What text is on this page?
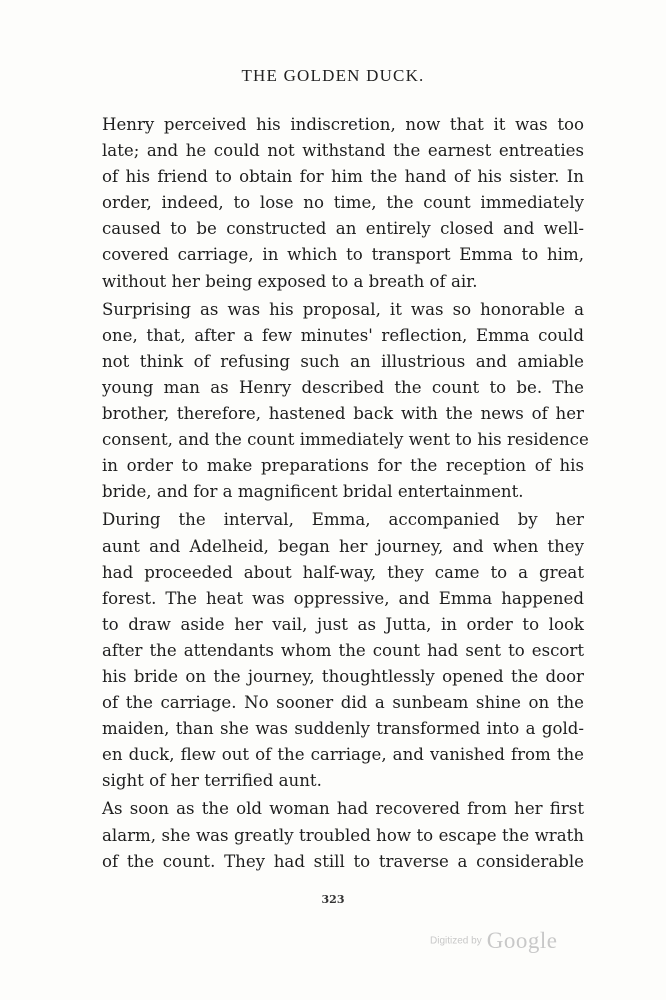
THE GOLDEN DUCK.

Henry perceived his indiscretion, now that it was too
late; and he could not withstand the earnest entreaties
of his friend to obtain for him the hand of his sister. In
order, indeed, to lose no time, the count immediately
caused to be constructed an entirely closed and well-
covered carriage, in which to transport Emma to him,
without her being exposed to a breath of air.

Surprising as was his proposal, it was so honorable a
one, that, after a few minutes' reflection, Emma could
not think of refusing such an illustrious and amiable
young man as Henry described the count to be. The
brother, therefore, hastened back with the news of her
consent, and the count immediately went to his residence
in order to make preparations for the reception of his
bride, and for a magnificent bridal entertainment.

During the interval, Emma, accompanied by her
aunt and Adelheid, began her journey, and when they
had proceeded about half-way, they came to a great
forest. The heat was oppressive, and Emma happened
to draw aside her vail, just as Jutta, in order to look
after the attendants whom the count had sent to escort
his bride on the journey, thoughtlessly opened the door
of the carriage. No sooner did a sunbeam shine on the
maiden, than she was suddenly transformed into a gold-
en duck, flew out of the carriage, and vanished from the
sight of her terrified aunt.

As soon as the old woman had recovered from her first
alarm, she was greatly troubled how to escape the wrath
of the count. They had still to traverse a considerable

323
Digitized by Google
